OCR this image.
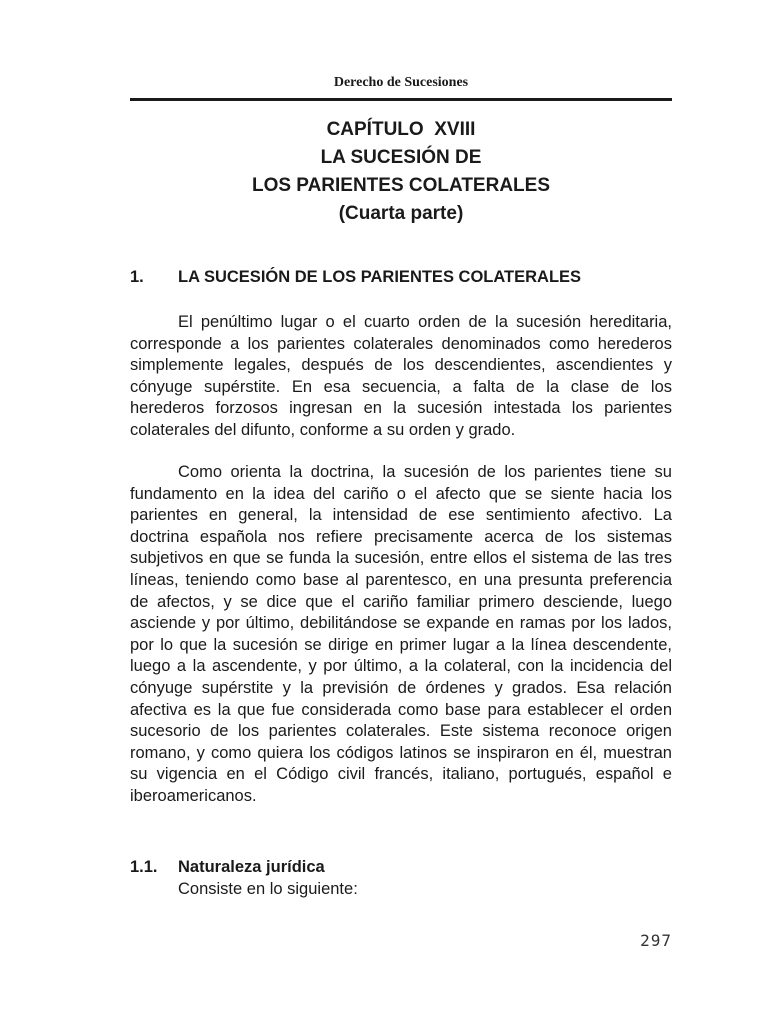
Derecho de Sucesiones
CAPÍTULO  XVIII
LA SUCESIÓN DE
LOS PARIENTES COLATERALES
(Cuarta parte)
1. LA SUCESIÓN DE LOS PARIENTES COLATERALES

El penúltimo lugar o el cuarto orden de la sucesión hereditaria, corresponde a los parientes colaterales denominados como herederos simplemente legales, después de los descendientes, ascendientes y cónyuge supérstite. En esa secuencia, a falta de la clase de los herederos forzosos ingresan en la sucesión intestada los parientes colaterales del difunto, conforme a su orden y grado.

Como orienta la doctrina, la sucesión de los parientes tiene su fundamento en la idea del cariño o el afecto que se siente hacia los parientes en general, la intensidad de ese sentimiento afectivo. La doctrina española nos refiere precisamente acerca de los sistemas subjetivos en que se funda la sucesión, entre ellos el sistema de las tres líneas, teniendo como base al parentesco, en una presunta preferencia de afectos, y se dice que el cariño familiar primero desciende, luego asciende y por último, debilitándose se expande en ramas por los lados, por lo que la sucesión se dirige en primer lugar a la línea descendente, luego a la ascendente, y por último, a la colateral, con la incidencia del cónyuge supérstite y la previsión de órdenes y grados. Esa relación afectiva es la que fue considerada como base para establecer el orden sucesorio de los parientes colaterales. Este sistema reconoce origen romano, y como quiera los códigos latinos se inspiraron en él, muestran su vigencia en el Código civil francés, italiano, portugués, español e iberoamericanos.

1.1. Naturaleza jurídica
Consiste en lo siguiente:
297
